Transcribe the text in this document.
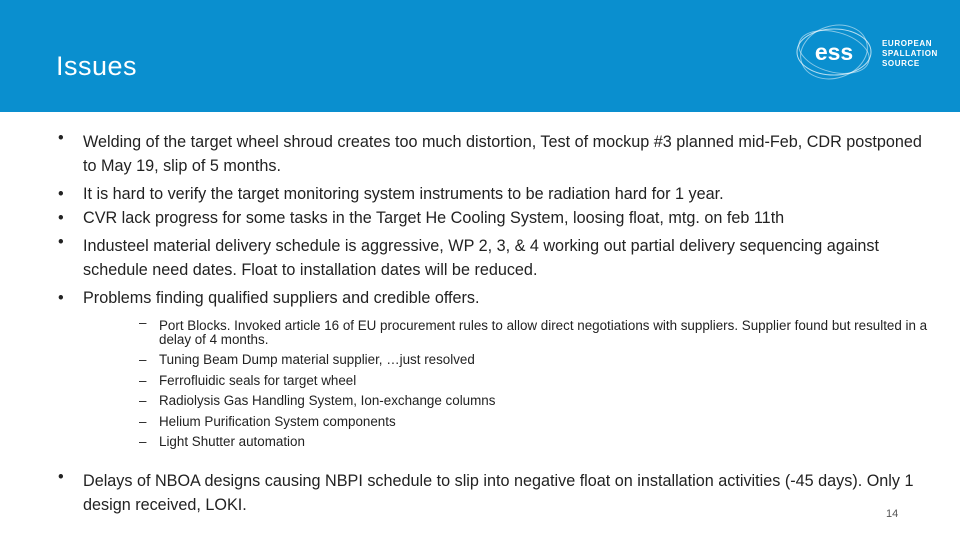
Issues	ess	EUROPEAN
SPALLATION
SOURCE
• Welding of the target wheel shroud creates too much distortion, Test of mockup #3 planned mid-Feb, CDR postponed to May 19, slip of 5 months.
• It is hard to verify the target monitoring system instruments to be radiation hard for 1 year.
• CVR lack progress for some tasks in the Target He Cooling System, loosing float, mtg. on feb 11th
• Industeel material delivery schedule is aggressive, WP 2, 3, & 4 working out partial delivery sequencing against schedule need dates. Float to installation dates will be reduced.
• Problems finding qualified suppliers and credible offers.
– Port Blocks. Invoked article 16 of EU procurement rules to allow direct negotiations with suppliers. Supplier found but resulted in a delay of 4 months.
– Tuning Beam Dump material supplier, …just resolved
– Ferrofluidic seals for target wheel
– Radiolysis Gas Handling System, Ion-exchange columns
– Helium Purification System components
– Light Shutter automation
• Delays of NBOA designs causing NBPI schedule to slip into negative float on installation activities (-45 days). Only 1 design received, LOKI.
14
